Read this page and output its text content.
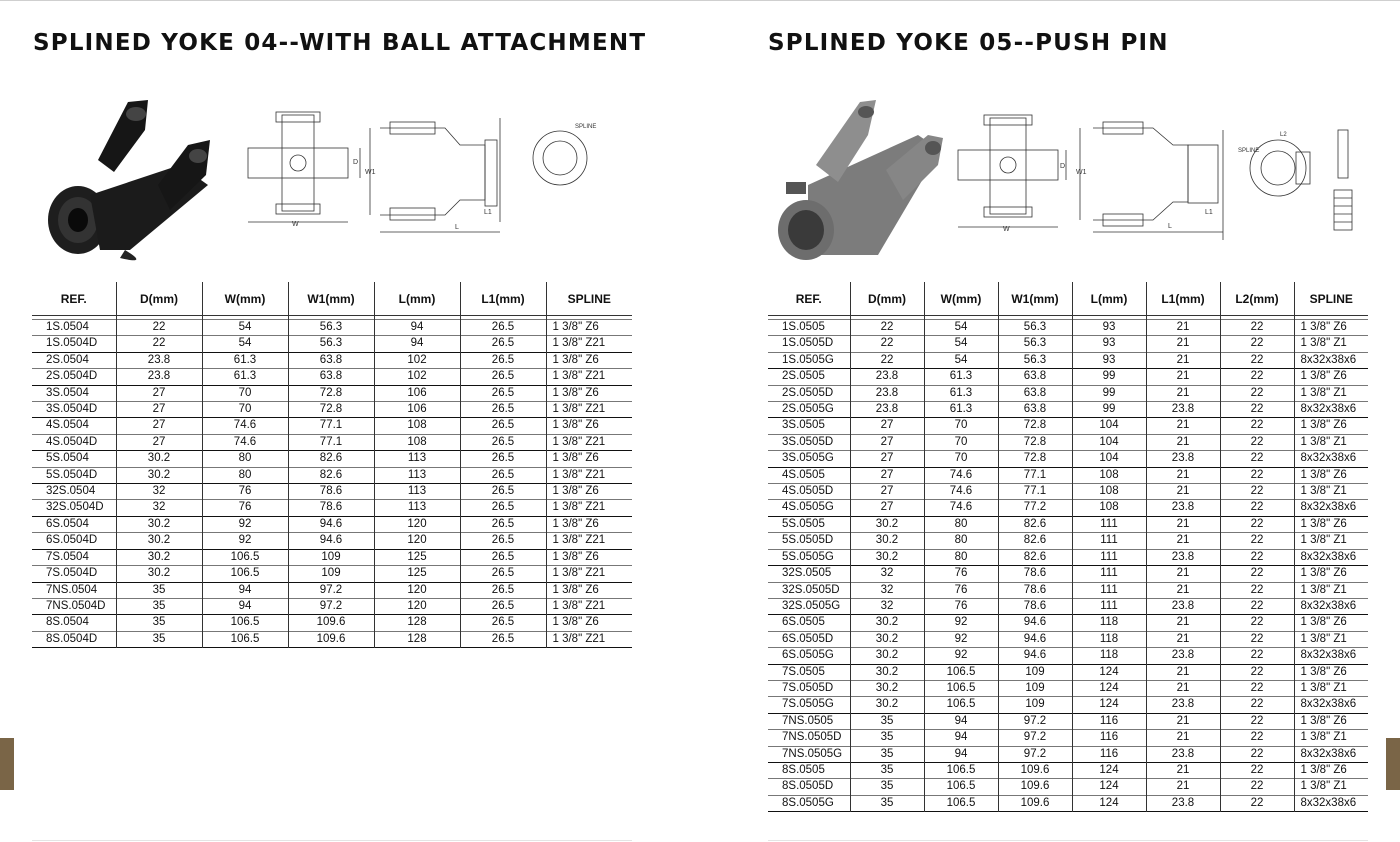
SPLINED YOKE 04--WITH BALL ATTACHMENT
W
D
W1
L
L1
SPLINE
REF.	D(mm)	W(mm)	W1(mm)	L(mm)	L1(mm)	SPLINE

1S.0504	22	54	56.3	94	26.5	1 3/8" Z6
1S.0504D	22	54	56.3	94	26.5	1 3/8" Z21
2S.0504	23.8	61.3	63.8	102	26.5	1 3/8" Z6
2S.0504D	23.8	61.3	63.8	102	26.5	1 3/8" Z21
3S.0504	27	70	72.8	106	26.5	1 3/8" Z6
3S.0504D	27	70	72.8	106	26.5	1 3/8" Z21
4S.0504	27	74.6	77.1	108	26.5	1 3/8" Z6
4S.0504D	27	74.6	77.1	108	26.5	1 3/8" Z21
5S.0504	30.2	80	82.6	113	26.5	1 3/8" Z6
5S.0504D	30.2	80	82.6	113	26.5	1 3/8" Z21
32S.0504	32	76	78.6	113	26.5	1 3/8" Z6
32S.0504D	32	76	78.6	113	26.5	1 3/8" Z21
6S.0504	30.2	92	94.6	120	26.5	1 3/8" Z6
6S.0504D	30.2	92	94.6	120	26.5	1 3/8" Z21
7S.0504	30.2	106.5	109	125	26.5	1 3/8" Z6
7S.0504D	30.2	106.5	109	125	26.5	1 3/8" Z21
7NS.0504	35	94	97.2	120	26.5	1 3/8" Z6
7NS.0504D	35	94	97.2	120	26.5	1 3/8" Z21
8S.0504	35	106.5	109.6	128	26.5	1 3/8" Z6
8S.0504D	35	106.5	109.6	128	26.5	1 3/8" Z21
SPLINED YOKE 05--PUSH PIN
W
D
W1
L
L1
SPLINE
L2
REF.	D(mm)	W(mm)	W1(mm)	L(mm)	L1(mm)	L2(mm)	SPLINE

1S.0505	22	54	56.3	93	21	22	1 3/8" Z6
1S.0505D	22	54	56.3	93	21	22	1 3/8" Z1
1S.0505G	22	54	56.3	93	21	22	8x32x38x6
2S.0505	23.8	61.3	63.8	99	21	22	1 3/8" Z6
2S.0505D	23.8	61.3	63.8	99	21	22	1 3/8" Z1
2S.0505G	23.8	61.3	63.8	99	23.8	22	8x32x38x6
3S.0505	27	70	72.8	104	21	22	1 3/8" Z6
3S.0505D	27	70	72.8	104	21	22	1 3/8" Z1
3S.0505G	27	70	72.8	104	23.8	22	8x32x38x6
4S.0505	27	74.6	77.1	108	21	22	1 3/8" Z6
4S.0505D	27	74.6	77.1	108	21	22	1 3/8" Z1
4S.0505G	27	74.6	77.2	108	23.8	22	8x32x38x6
5S.0505	30.2	80	82.6	111	21	22	1 3/8" Z6
5S.0505D	30.2	80	82.6	111	21	22	1 3/8" Z1
5S.0505G	30.2	80	82.6	111	23.8	22	8x32x38x6
32S.0505	32	76	78.6	111	21	22	1 3/8" Z6
32S.0505D	32	76	78.6	111	21	22	1 3/8" Z1
32S.0505G	32	76	78.6	111	23.8	22	8x32x38x6
6S.0505	30.2	92	94.6	118	21	22	1 3/8" Z6
6S.0505D	30.2	92	94.6	118	21	22	1 3/8" Z1
6S.0505G	30.2	92	94.6	118	23.8	22	8x32x38x6
7S.0505	30.2	106.5	109	124	21	22	1 3/8" Z6
7S.0505D	30.2	106.5	109	124	21	22	1 3/8" Z1
7S.0505G	30.2	106.5	109	124	23.8	22	8x32x38x6
7NS.0505	35	94	97.2	116	21	22	1 3/8" Z6
7NS.0505D	35	94	97.2	116	21	22	1 3/8" Z1
7NS.0505G	35	94	97.2	116	23.8	22	8x32x38x6
8S.0505	35	106.5	109.6	124	21	22	1 3/8" Z6
8S.0505D	35	106.5	109.6	124	21	22	1 3/8" Z1
8S.0505G	35	106.5	109.6	124	23.8	22	8x32x38x6
